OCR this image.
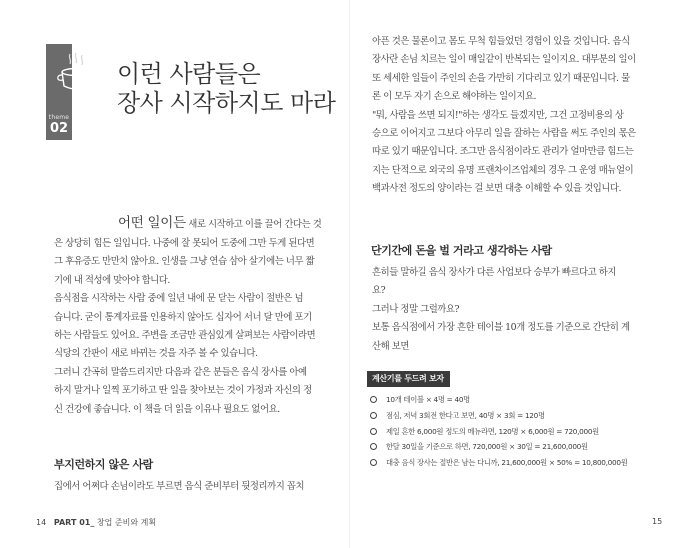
theme
02
이런 사람들은
장사 시작하지도 마라
어떤 일이든 새로 시작하고 이를 끌어 간다는 것
은 상당히 힘든 일입니다. 나중에 잘 못되어 도중에 그만 두게 된다면
그 후유증도 만만치 않아요. 인생을 그냥 연습 삼아 살기에는 너무 짧
기에 내 적성에 맞아야 합니다.
음식점을 시작하는 사람 중에 일년 내에 문 닫는 사람이 절반은 넘
습니다. 굳이 통계자료를 인용하지 않아도 십자어 서너 달 만에 포기
하는 사람들도 있어요. 주변을 조금만 관심있게 살펴보는 사람이라면
식당의 간판이 새로 바뀌는 것을 자주 볼 수 있습니다.
그러니 간곡히 말씀드리지만 다음과 같은 분들은 음식 장사를 아예
하지 말거나 일찍 포기하고 딴 일을 찾아보는 것이 가정과 자신의 정
신 건강에 좋습니다. 이 책을 더 읽을 이유나 필요도 없어요.
부지런하지 않은 사람
집에서 어쩌다 손님이라도 부르면 음식 준비부터 뒷정리까지 꼽치
14 PART 01_ 창업 준비와 계획
아픈 것은 물론이고 몸도 무척 힘들었던 경험이 있을 것입니다. 음식
장사란 손님 치르는 일이 매일같이 반복되는 일이지요. 대부분의 일이
또 세세한 일들이 주인의 손을 가만히 기다리고 있기 때문입니다. 물
론 이 모두 자기 손으로 해야하는 일이지요.
"뭐, 사람을 쓰면 되지!"하는 생각도 들겠지만, 그건 고정비용의 상
승으로 이어지고 그보다 아무리 일을 잘하는 사람을 써도 주인의 몫은
따로 있기 때문입니다. 조그만 음식점이라도 관리가 얼마만큼 힘드는
지는 단적으로 외국의 유명 프랜차이즈업체의 경우 그 운영 매뉴얼이
백과사전 정도의 양이라는 걸 보면 대충 이해할 수 있을 것입니다.
단기간에 돈을 벌 거라고 생각하는 사람
흔히들 말하길 음식 장사가 다른 사업보다 승부가 빠르다고 하지
요?
그러나 정말 그럴까요?
보통 음식점에서 가장 흔한 테이블 10개 정도를 기준으로 간단히 계
산해 보면
계산기를 두드려 보자
10개 테이블 × 4명 = 40명
점심, 저녁 3회전 한다고 보면, 40명 × 3회 = 120명
제일 흔한 6,000원 정도의 메뉴라면, 120명 × 6,000원 = 720,000원
한달 30일을 기준으로 하면, 720,000원 × 30일 = 21,600,000원
대충 음식 장사는 절반은 남는 다니까, 21,600,000원 × 50% = 10,800,000원
15
